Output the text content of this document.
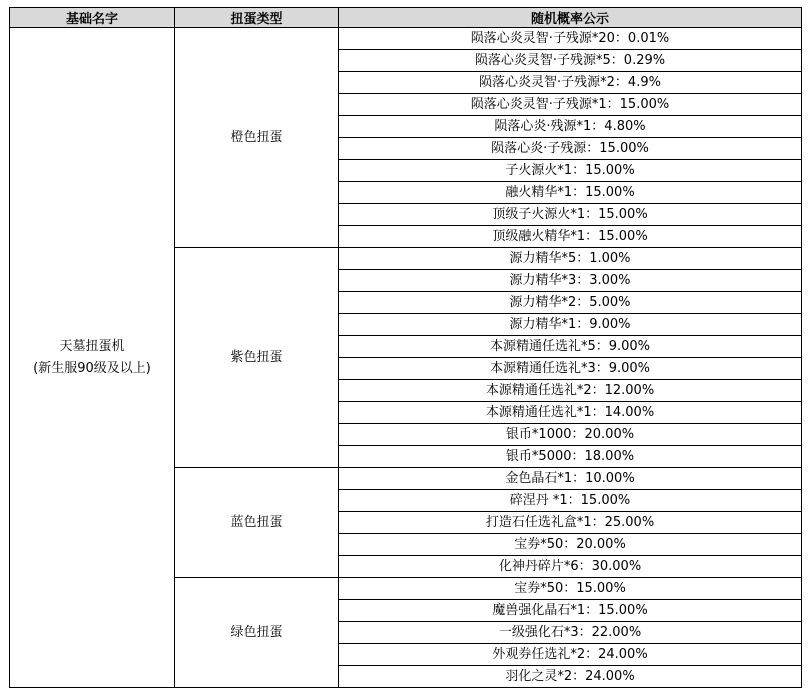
基础名字	扭蛋类型	随机概率公示

天墓扭蛋机
(新生服90级及以上)	橙色扭蛋	陨落心炎灵智·子残源*20：0.01%
		陨落心炎灵智·子残源*5：0.29%
		陨落心炎灵智·子残源*2：4.9%
		陨落心炎灵智·子残源*1：15.00%
		陨落心炎·残源*1：4.80%
		陨落心炎·子残源：15.00%
		子火源火*1：15.00%
		融火精华*1：15.00%
		顶级子火源火*1：15.00%
		顶级融火精华*1：15.00%
	紫色扭蛋	源力精华*5：1.00%
		源力精华*3：3.00%
		源力精华*2：5.00%
		源力精华*1：9.00%
		本源精通任选礼*5：9.00%
		本源精通任选礼*3：9.00%
		本源精通任选礼*2：12.00%
		本源精通任选礼*1：14.00%
		银币*1000：20.00%
		银币*5000：18.00%
	蓝色扭蛋	金色晶石*1：10.00%
		碎涅丹 *1：15.00%
		打造石任选礼盒*1：25.00%
		宝券*50：20.00%
		化神丹碎片*6：30.00%
	绿色扭蛋	宝券*50：15.00%
		魔兽强化晶石*1：15.00%
		一级强化石*3：22.00%
		外观券任选礼*2：24.00%
		羽化之灵*2：24.00%
